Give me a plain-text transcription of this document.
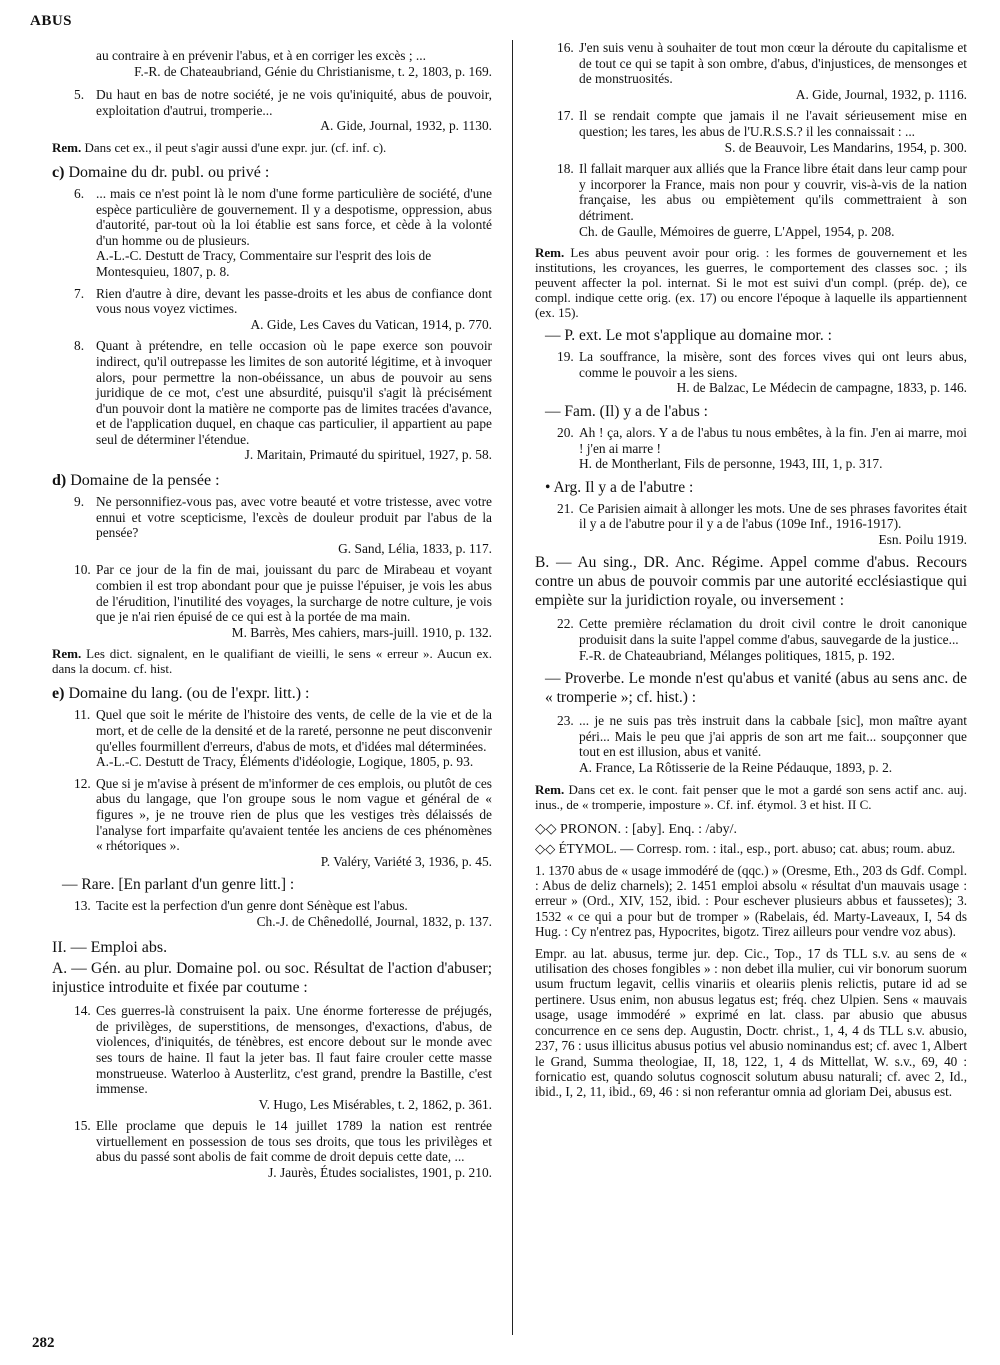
ABUS

au contraire à en prévenir l'abus, et à en corriger les excès ; ...

F.-R. de Chateaubriand, Génie du Christianisme, t. 2, 1803, p. 169.

5. Du haut en bas de notre société, je ne vois qu'iniquité, abus de pouvoir, exploitation d'autrui, tromperie...
A. Gide, Journal, 1932, p. 1130.

Rem. Dans cet ex., il peut s'agir aussi d'une expr. jur. (cf. inf. c).

c) Domaine du dr. publ. ou privé :

6. ... mais ce n'est point là le nom d'une forme particulière de société, d'une espèce particulière de gouvernement. Il y a despotisme, oppression, abus d'autorité, par-tout où la loi établie est sans force, et cède à la volonté d'un homme ou de plusieurs.
A.-L.-C. Destutt de Tracy, Commentaire sur l'esprit des lois de Montesquieu, 1807, p. 8.
7. Rien d'autre à dire, devant les passe-droits et les abus de confiance dont vous nous voyez victimes.
A. Gide, Les Caves du Vatican, 1914, p. 770.
8. Quant à prétendre, en telle occasion où le pape exerce son pouvoir indirect, qu'il outrepasse les limites de son autorité légitime, et à invoquer alors, pour permettre la non-obéissance, un abus de pouvoir au sens juridique de ce mot, c'est une absurdité, puisqu'il s'agit là précisément d'un pouvoir dont la matière ne comporte pas de limites tracées d'avance, et de l'application duquel, en chaque cas particulier, il appartient au pape seul de déterminer l'étendue.
J. Maritain, Primauté du spirituel, 1927, p. 58.

d) Domaine de la pensée :

9. Ne personnifiez-vous pas, avec votre beauté et votre tristesse, avec votre ennui et votre scepticisme, l'excès de douleur produit par l'abus de la pensée?
G. Sand, Lélia, 1833, p. 117.
10. Par ce jour de la fin de mai, jouissant du parc de Mirabeau et voyant combien il est trop abondant pour que je puisse l'épuiser, je vois les abus de l'érudition, l'inutilité des voyages, la surcharge de notre culture, je vois que je n'ai rien épuisé de ce qui est à la portée de ma main.
M. Barrès, Mes cahiers, mars-juill. 1910, p. 132.

Rem. Les dict. signalent, en le qualifiant de vieilli, le sens « erreur ». Aucun ex. dans la docum. cf. hist.

e) Domaine du lang. (ou de l'expr. litt.) :

11. Quel que soit le mérite de l'histoire des vents, de celle de la vie et de la mort, et de celle de la densité et de la rareté, personne ne peut disconvenir qu'elles fourmillent d'erreurs, d'abus de mots, et d'idées mal déterminées.
A.-L.-C. Destutt de Tracy, Éléments d'idéologie, Logique, 1805, p. 93.
12. Que si je m'avise à présent de m'informer de ces emplois, ou plutôt de ces abus du langage, que l'on groupe sous le nom vague et général de « figures », je ne trouve rien de plus que les vestiges très délaissés de l'analyse fort imparfaite qu'avaient tentée les anciens de ces phénomènes « rhétoriques ».
P. Valéry, Variété 3, 1936, p. 45.

— Rare. [En parlant d'un genre litt.] :

13. Tacite est la perfection d'un genre dont Sénèque est l'abus.
Ch.-J. de Chênedollé, Journal, 1832, p. 137.

II. — Emploi abs.

A. — Gén. au plur. Domaine pol. ou soc. Résultat de l'action d'abuser; injustice introduite et fixée par coutume :

14. Ces guerres-là construisent la paix. Une énorme forteresse de préjugés, de privilèges, de superstitions, de mensonges, d'exactions, d'abus, de violences, d'iniquités, de ténèbres, est encore debout sur le monde avec ses tours de haine. Il faut la jeter bas. Il faut faire crouler cette masse monstrueuse. Waterloo à Austerlitz, c'est grand, prendre la Bastille, c'est immense.
V. Hugo, Les Misérables, t. 2, 1862, p. 361.
15. Elle proclame que depuis le 14 juillet 1789 la nation est rentrée virtuellement en possession de tous ses droits, que tous les privilèges et abus du passé sont abolis de fait comme de droit depuis cette date, ...
J. Jaurès, Études socialistes, 1901, p. 210.
16. J'en suis venu à souhaiter de tout mon cœur la déroute du capitalisme et de tout ce qui se tapit à son ombre, d'abus, d'injustices, de mensonges et de monstruosités.
A. Gide, Journal, 1932, p. 1116.
17. Il se rendait compte que jamais il ne l'avait sérieusement mise en question; les tares, les abus de l'U.R.S.S.? il les connaissait : ...
S. de Beauvoir, Les Mandarins, 1954, p. 300.
18. Il fallait marquer aux alliés que la France libre était dans leur camp pour y incorporer la France, mais non pour y couvrir, vis-à-vis de la nation française, les abus ou empiètement qu'ils commettraient à son détriment.
Ch. de Gaulle, Mémoires de guerre, L'Appel, 1954, p. 208.

Rem. Les abus peuvent avoir pour orig. : les formes de gouvernement et les institutions, les croyances, les guerres, le comportement des classes soc. ; ils peuvent affecter la pol. internat. Si le mot est suivi d'un compl. (prép. de), ce compl. indique cette orig. (ex. 17) ou encore l'époque à laquelle ils appartiennent (ex. 15).

— P. ext. Le mot s'applique au domaine mor. :

19. La souffrance, la misère, sont des forces vives qui ont leurs abus, comme le pouvoir a les siens.
H. de Balzac, Le Médecin de campagne, 1833, p. 146.

— Fam. (Il) y a de l'abus :

20. Ah ! ça, alors. Y a de l'abus tu nous embêtes, à la fin. J'en ai marre, moi ! j'en ai marre !
H. de Montherlant, Fils de personne, 1943, III, 1, p. 317.

• Arg. Il y a de l'abutre :

21. Ce Parisien aimait à allonger les mots. Une de ses phrases favorites était il y a de l'abutre pour il y a de l'abus (109e Inf., 1916-1917).
Esn. Poilu 1919.

B. — Au sing., DR. Anc. Régime. Appel comme d'abus. Recours contre un abus de pouvoir commis par une autorité ecclésiastique qui empiète sur la juridiction royale, ou inversement :

22. Cette première réclamation du droit civil contre le droit canonique produisit dans la suite l'appel comme d'abus, sauvegarde de la justice...
F.-R. de Chateaubriand, Mélanges politiques, 1815, p. 192.

— Proverbe. Le monde n'est qu'abus et vanité (abus au sens anc. de « tromperie »; cf. hist.) :

23. ... je ne suis pas très instruit dans la cabbale [sic], mon maître ayant péri... Mais le peu que j'ai appris de son art me fait... soupçonner que tout en est illusion, abus et vanité.
A. France, La Rôtisserie de la Reine Pédauque, 1893, p. 2.

Rem. Dans cet ex. le cont. fait penser que le mot a gardé son sens actif anc. auj. inus., de « tromperie, imposture ». Cf. inf. étymol. 3 et hist. II C.

◇◇ PRONON. : [aby]. Enq. : /aby/.

◇◇ ÉTYMOL. — Corresp. rom. : ital., esp., port. abuso; cat. abus; roum. abuz.

1. 1370 abus de « usage immodéré de (qqc.) » (Oresme, Eth., 203 ds Gdf. Compl. : Abus de deliz charnels); 2. 1451 emploi absolu « résultat d'un mauvais usage : erreur » (Ord., XIV, 152, ibid. : Pour eschever plusieurs abbus et faussetes); 3. 1532 « ce qui a pour but de tromper » (Rabelais, éd. Marty-Laveaux, I, 54 ds Hug. : Cy n'entrez pas, Hypocrites, bigotz. Tirez ailleurs pour vendre voz abus).

Empr. au lat. abusus, terme jur. dep. Cic., Top., 17 ds TLL s.v. au sens de « utilisation des choses fongibles » : non debet illa mulier, cui vir bonorum suorum usum fructum legavit, cellis vinariis et oleariis plenis relictis, putare id ad se pertinere. Usus enim, non abusus legatus est; fréq. chez Ulpien. Sens « mauvais usage, usage immodéré » exprimé en lat. class. par abusio que abusus concurrence en ce sens dep. Augustin, Doctr. christ., 1, 4, 4 ds TLL s.v. abusio, 237, 76 : usus illicitus abusus potius vel abusio nominandus est; cf. avec 1, Albert le Grand, Summa theologiae, II, 18, 122, 1, 4 ds Mittellat, W. s.v., 69, 40 : fornicatio est, quando solutus cognoscit solutum abusu naturali; cf. avec 2, Id., ibid., I, 2, 11, ibid., 69, 46 : si non referantur omnia ad gloriam Dei, abusus est.

282
